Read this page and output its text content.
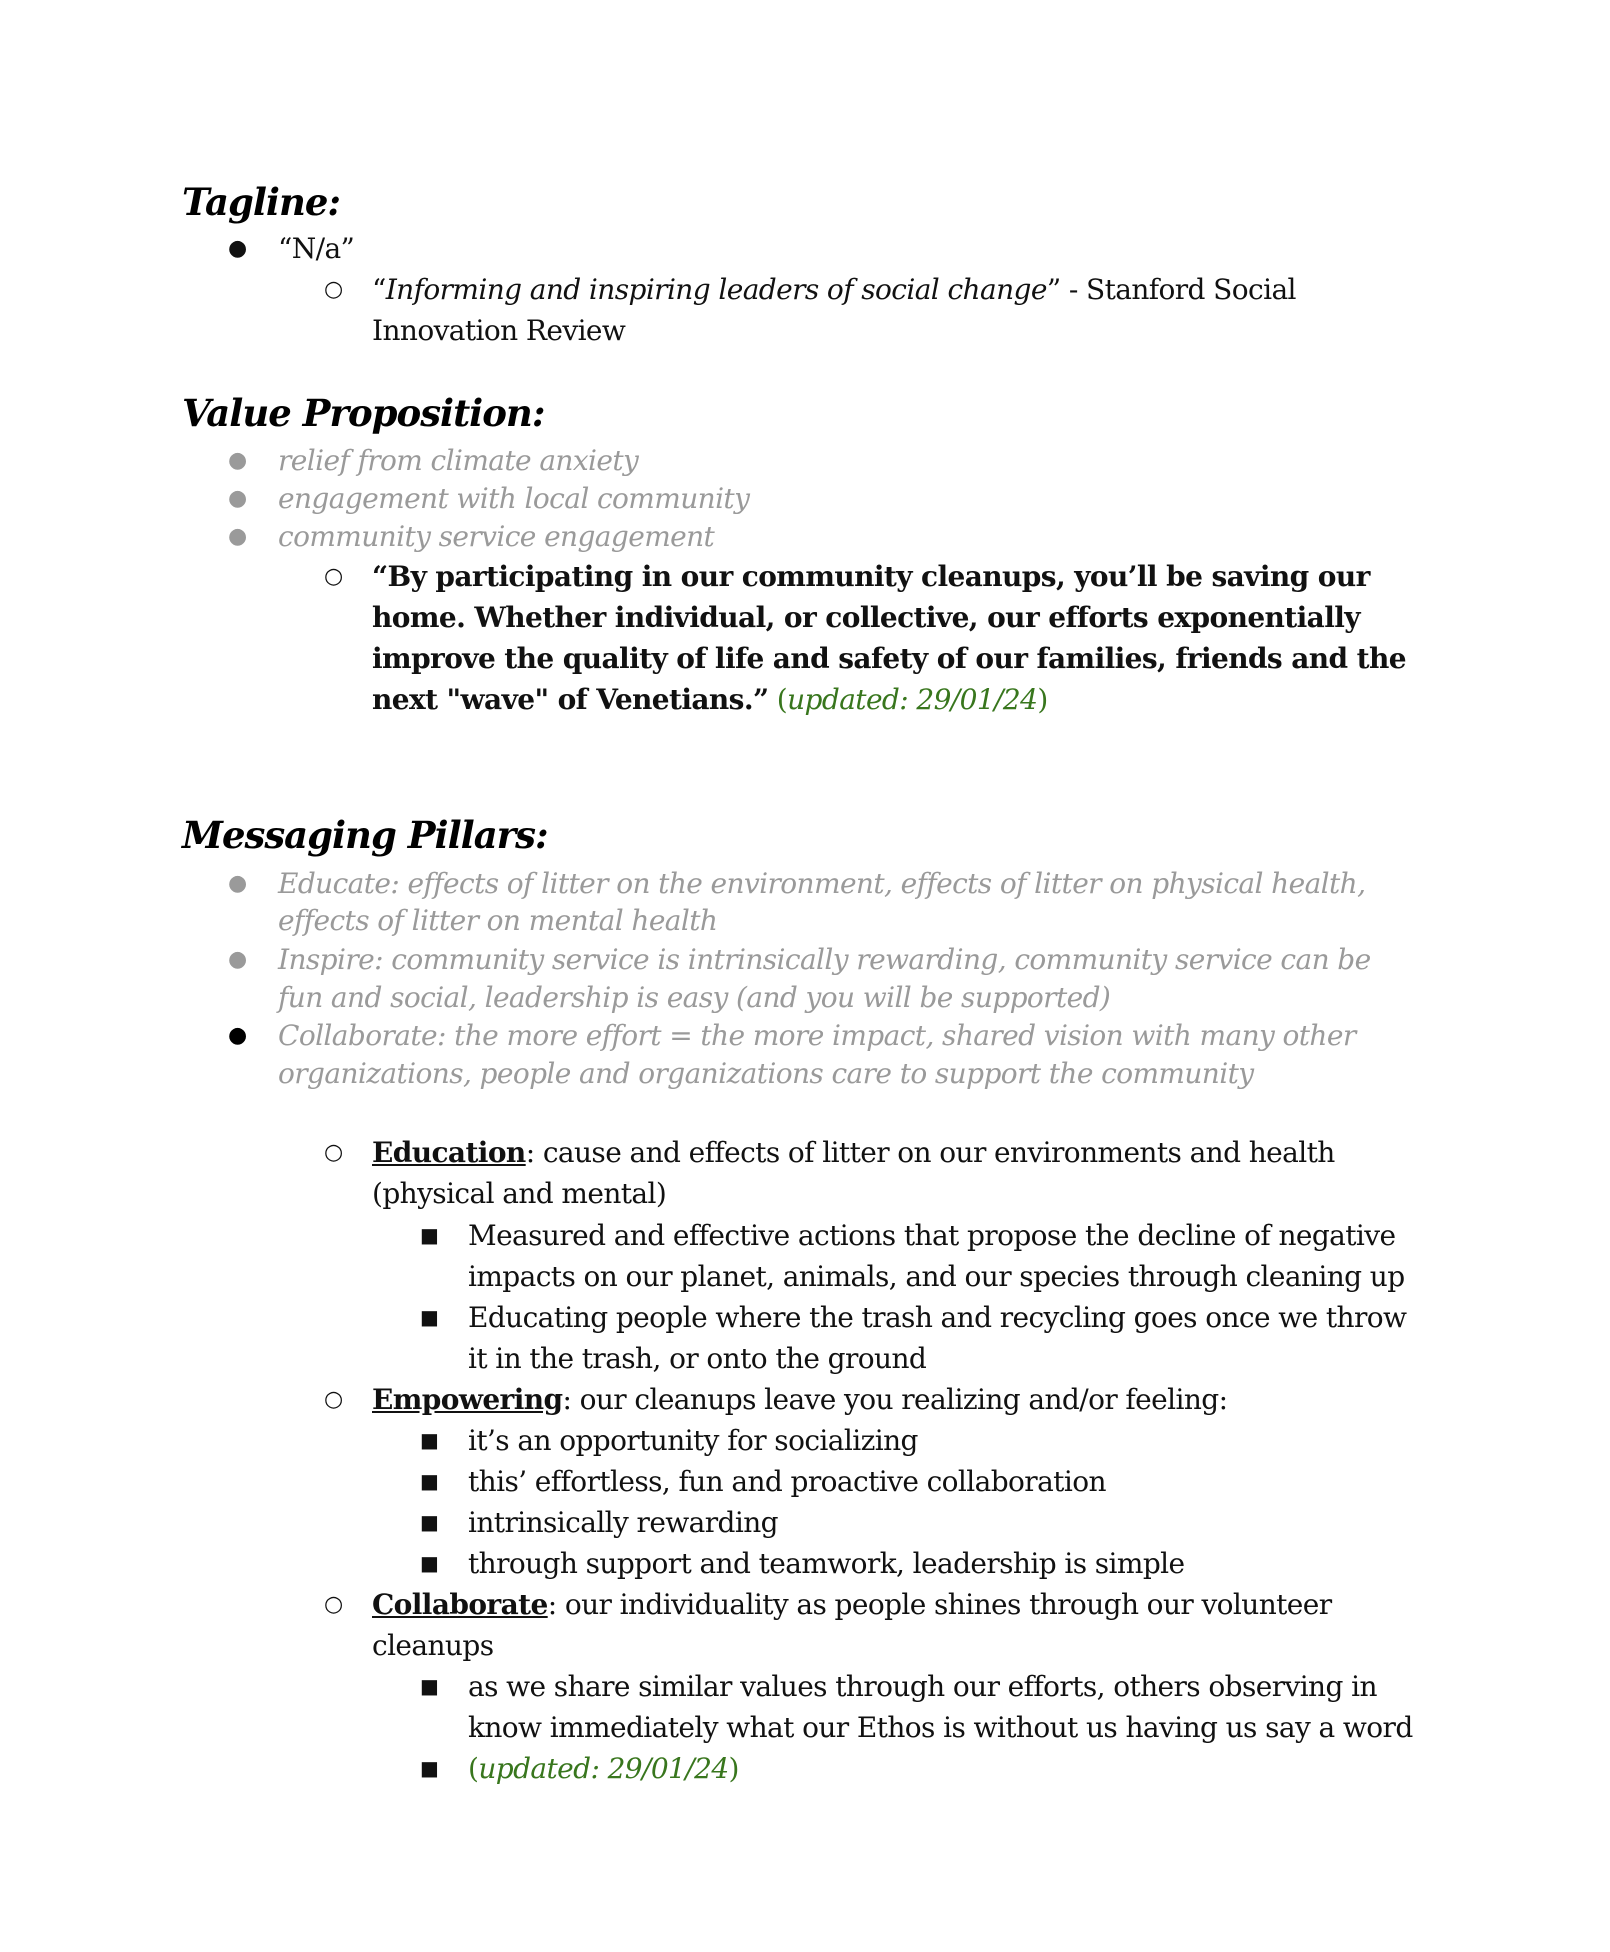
Tagline:
● “N/a”
○ “Informing and inspiring leaders of social change” - Stanford Social
Innovation Review
Value Proposition:
● relief from climate anxiety
● engagement with local community
● community service engagement
○ “By participating in our community cleanups, you’ll be saving our
home. Whether individual, or collective, our efforts exponentially
improve the quality of life and safety of our families, friends and the
next "wave" of Venetians.” (updated: 29/01/24)
Messaging Pillars:
● Educate: effects of litter on the environment, effects of litter on physical health,
effects of litter on mental health
● Inspire: community service is intrinsically rewarding, community service can be
fun and social, leadership is easy (and you will be supported)
● Collaborate: the more effort = the more impact, shared vision with many other
organizations, people and organizations care to support the community
○ Education: cause and effects of litter on our environments and health
(physical and mental)
■ Measured and effective actions that propose the decline of negative
impacts on our planet, animals, and our species through cleaning up
■ Educating people where the trash and recycling goes once we throw
it in the trash, or onto the ground
○ Empowering: our cleanups leave you realizing and/or feeling:
■ it’s an opportunity for socializing
■ this’ effortless, fun and proactive collaboration
■ intrinsically rewarding
■ through support and teamwork, leadership is simple
○ Collaborate: our individuality as people shines through our volunteer
cleanups
■ as we share similar values through our efforts, others observing in
know immediately what our Ethos is without us having us say a word
■ (updated: 29/01/24)
